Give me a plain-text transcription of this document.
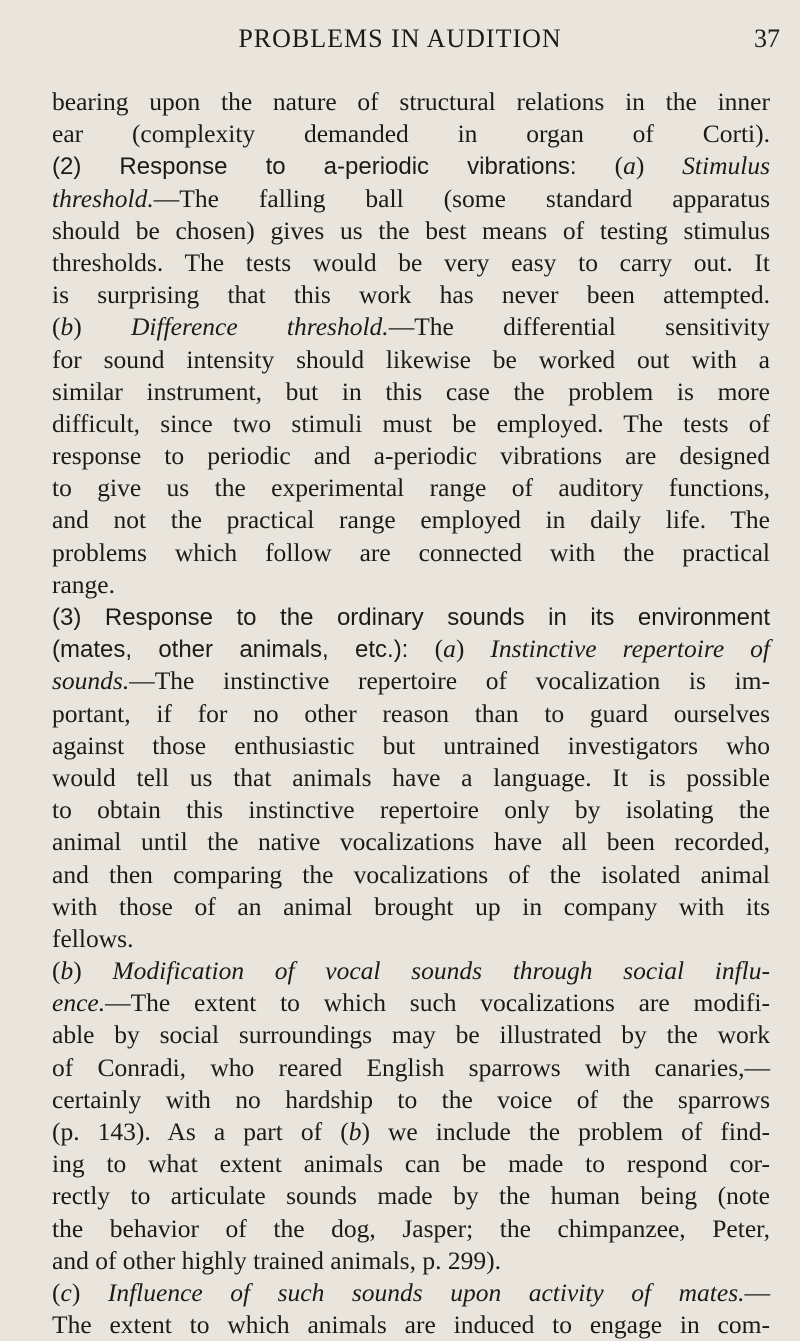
PROBLEMS IN AUDITION	37
bearing upon the nature of structural relations in the inner
ear (complexity demanded in organ of Corti).
(2) Response to a-periodic vibrations: (a) Stimulus
threshold.—The falling ball (some standard apparatus
should be chosen) gives us the best means of testing stimulus
thresholds. The tests would be very easy to carry out. It
is surprising that this work has never been attempted.
(b) Difference threshold.—The differential sensitivity
for sound intensity should likewise be worked out with a
similar instrument, but in this case the problem is more
difficult, since two stimuli must be employed. The tests of
response to periodic and a-periodic vibrations are designed
to give us the experimental range of auditory functions,
and not the practical range employed in daily life. The
problems which follow are connected with the practical
range.
(3) Response to the ordinary sounds in its environment
(mates, other animals, etc.): (a) Instinctive repertoire of
sounds.—The instinctive repertoire of vocalization is im-
portant, if for no other reason than to guard ourselves
against those enthusiastic but untrained investigators who
would tell us that animals have a language. It is possible
to obtain this instinctive repertoire only by isolating the
animal until the native vocalizations have all been recorded,
and then comparing the vocalizations of the isolated animal
with those of an animal brought up in company with its
fellows.
(b) Modification of vocal sounds through social influ-
ence.—The extent to which such vocalizations are modifi-
able by social surroundings may be illustrated by the work
of Conradi, who reared English sparrows with canaries,—
certainly with no hardship to the voice of the sparrows
(p. 143). As a part of (b) we include the problem of find-
ing to what extent animals can be made to respond cor-
rectly to articulate sounds made by the human being (note
the behavior of the dog, Jasper; the chimpanzee, Peter,
and of other highly trained animals, p. 299).
(c) Influence of such sounds upon activity of mates.—
The extent to which animals are induced to engage in com-
